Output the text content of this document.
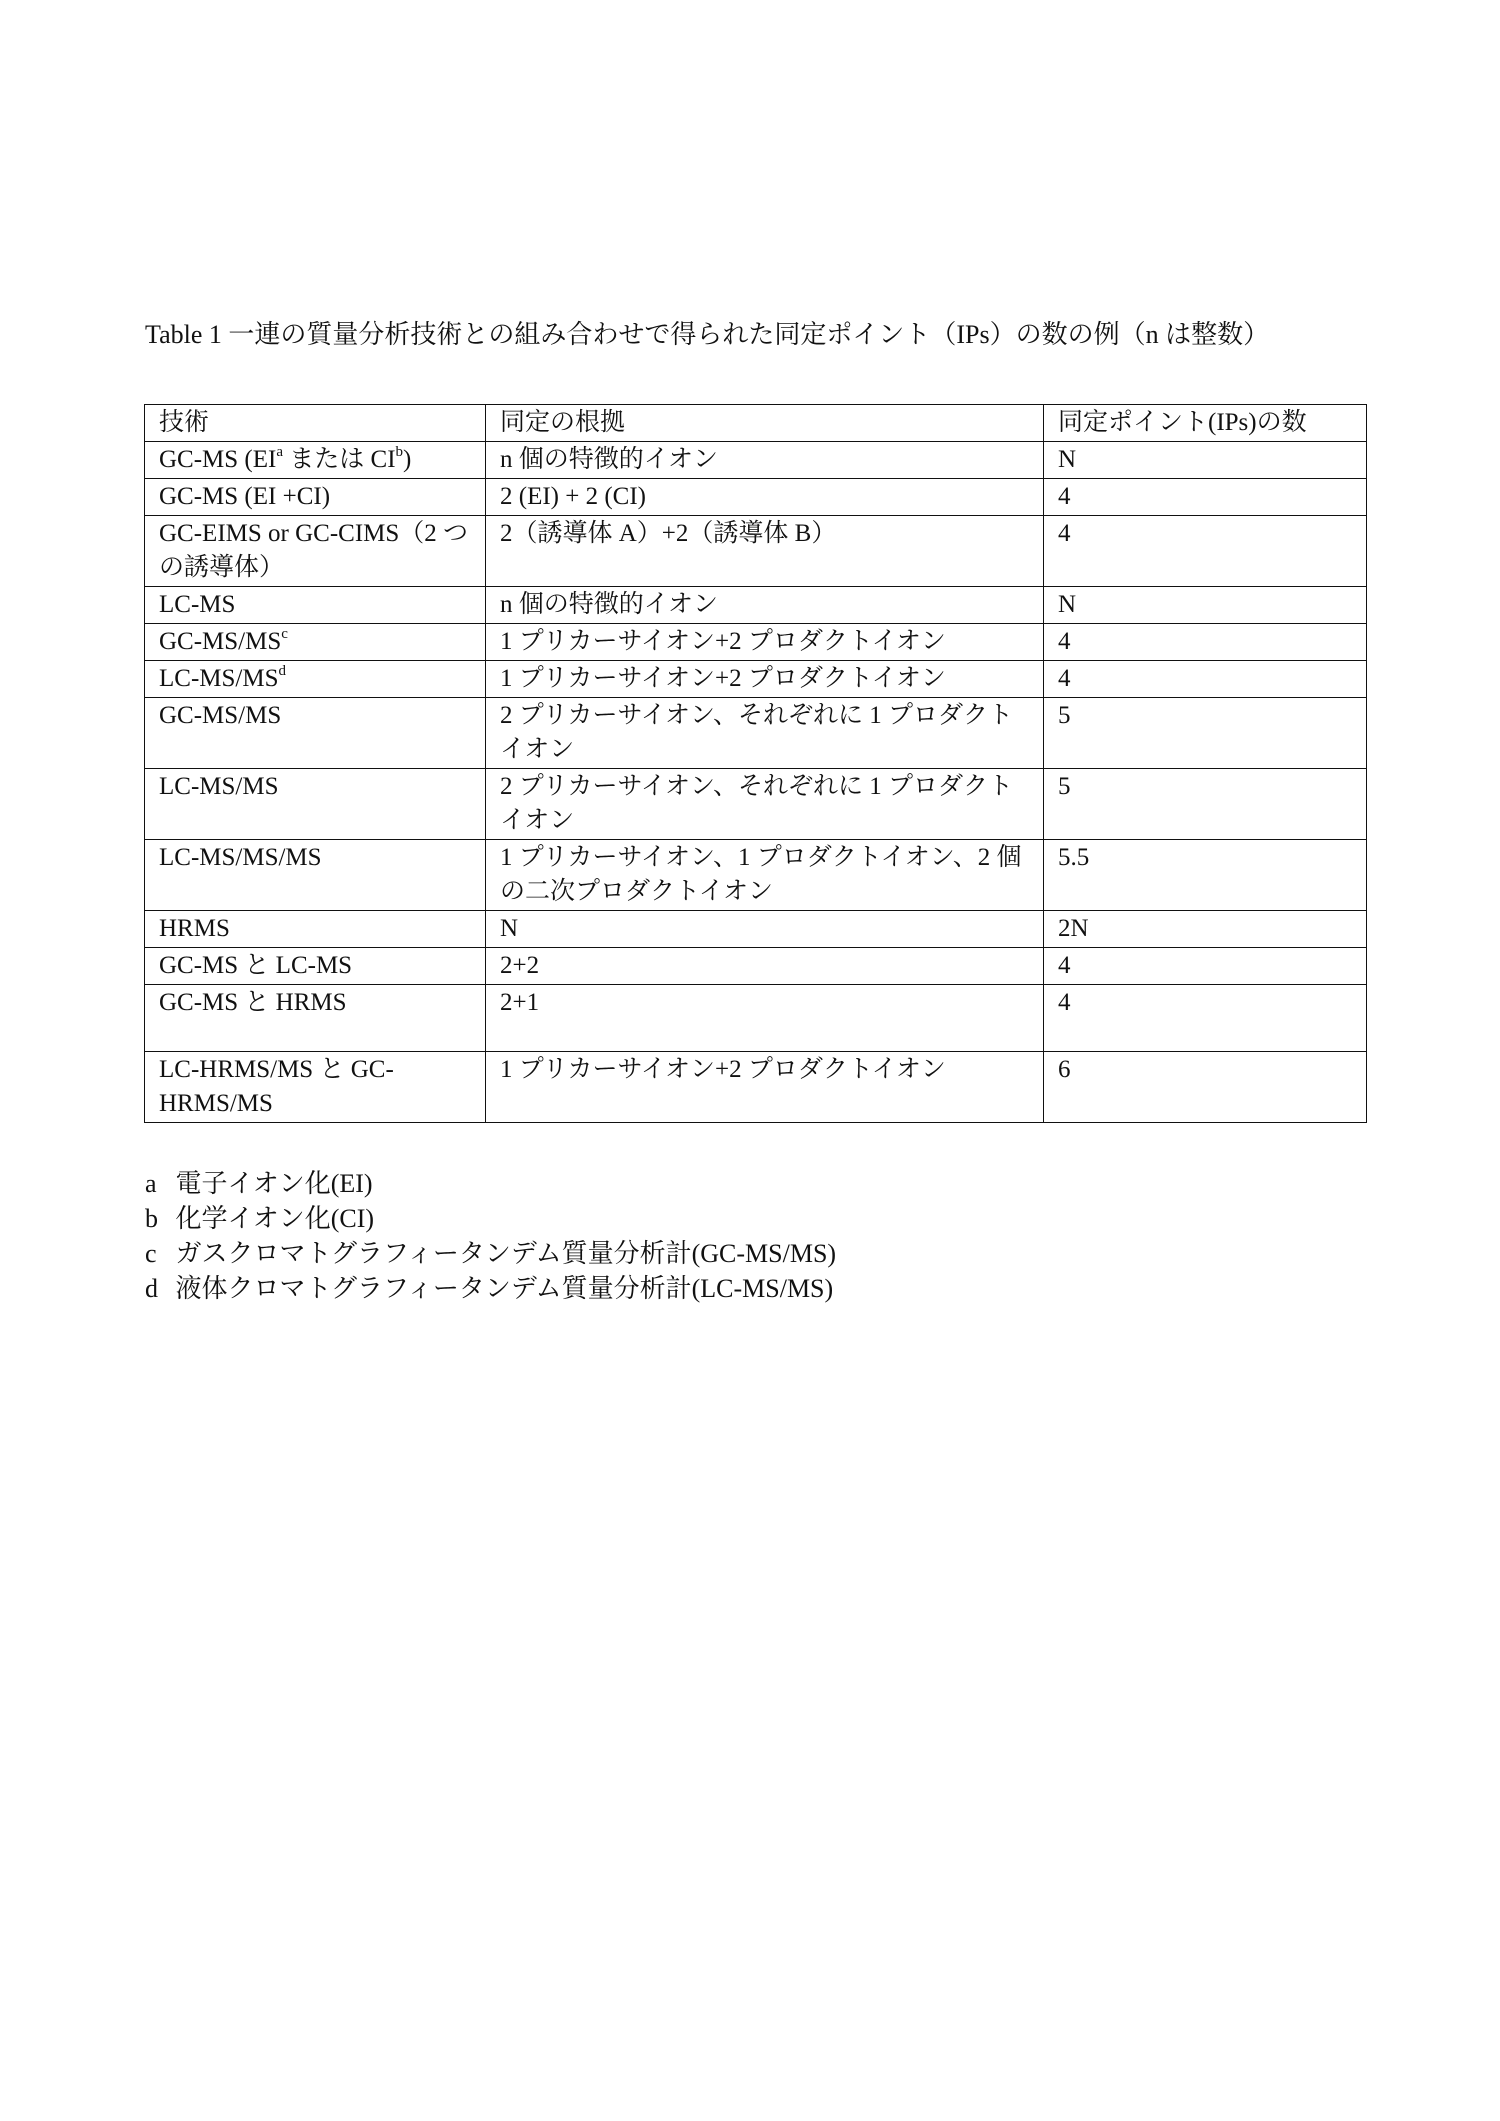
Table 1 一連の質量分析技術との組み合わせで得られた同定ポイント（IPs）の数の例（n は整数）
技術	同定の根拠	同定ポイント(IPs)の数
GC-MS ($EI^a$ または $CI^b$)	n 個の特徴的イオン	N
GC-MS (EI +CI)	2 (EI) + 2 (CI)	4
GC-EIMS or GC-CIMS（2 つの誘導体）	2（誘導体 A）+2（誘導体 B）	4
LC-MS	n 個の特徴的イオン	N
$GC-MS/MS^c$	1 プリカーサイオン+2 プロダクトイオン	4
$LC-MS/MS^d$	1 プリカーサイオン+2 プロダクトイオン	4
GC-MS/MS	2 プリカーサイオン、それぞれに 1 プロダクトイオン	5
LC-MS/MS	2 プリカーサイオン、それぞれに 1 プロダクトイオン	5
LC-MS/MS/MS	1 プリカーサイオン、1 プロダクトイオン、2 個の二次プロダクトイオン	5.5
HRMS	N	2N
GC-MS と LC-MS	2+2	4
GC-MS と HRMS	2+1	4
LC-HRMS/MS と GC-HRMS/MS	1 プリカーサイオン+2 プロダクトイオン	6
a 電子イオン化(EI)
b 化学イオン化(CI)
c ガスクロマトグラフィータンデム質量分析計(GC-MS/MS)
d 液体クロマトグラフィータンデム質量分析計(LC-MS/MS)
